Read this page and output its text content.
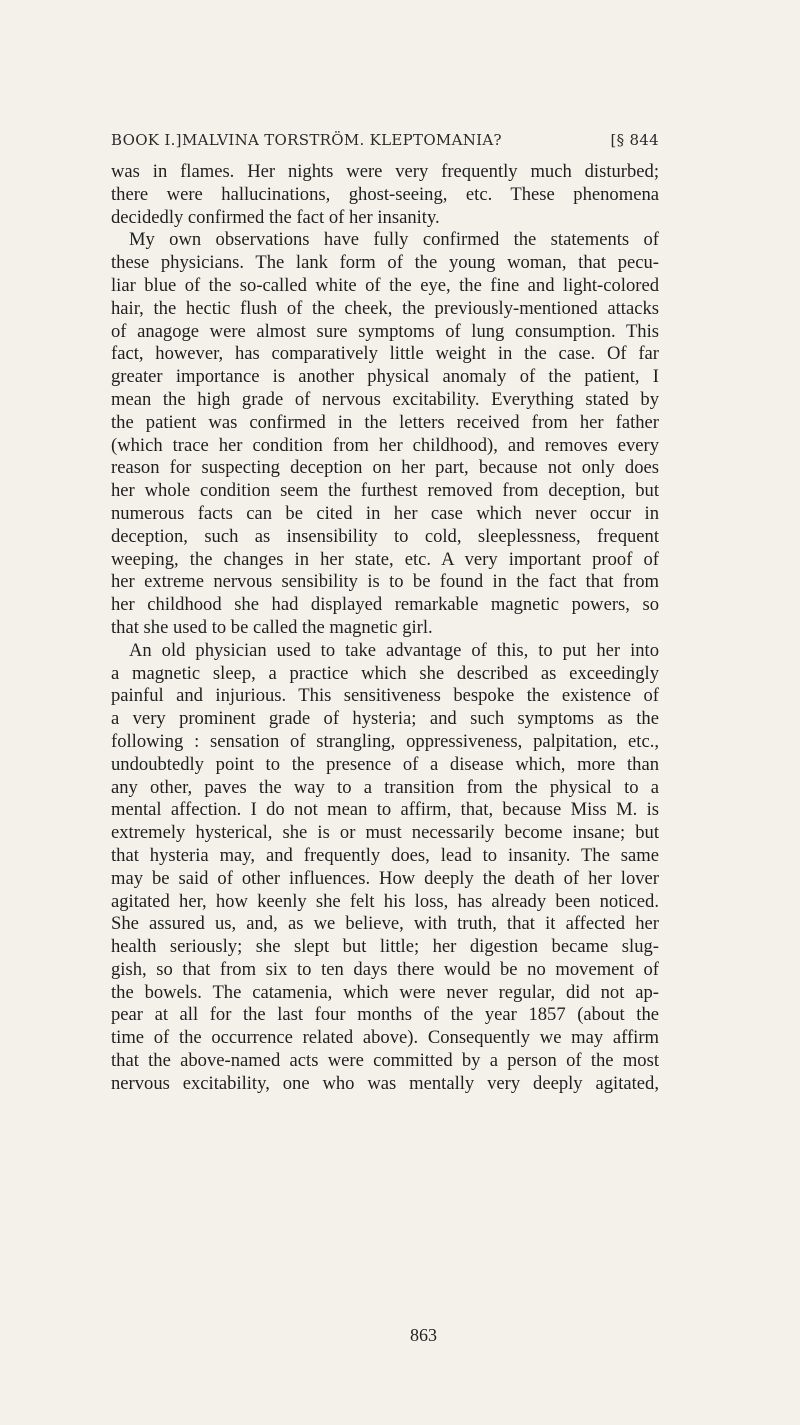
BOOK I.] MALVINA TORSTRÖM. KLEPTOMANIA?	[§ 844
was in flames. Her nights were very frequently much disturbed;
there were hallucinations, ghost-seeing, etc. These phenomena
decidedly confirmed the fact of her insanity.
My own observations have fully confirmed the statements of
these physicians. The lank form of the young woman, that pecu-
liar blue of the so-called white of the eye, the fine and light-colored
hair, the hectic flush of the cheek, the previously-mentioned attacks
of anagoge were almost sure symptoms of lung consumption. This
fact, however, has comparatively little weight in the case. Of far
greater importance is another physical anomaly of the patient, I
mean the high grade of nervous excitability. Everything stated by
the patient was confirmed in the letters received from her father
(which trace her condition from her childhood), and removes every
reason for suspecting deception on her part, because not only does
her whole condition seem the furthest removed from deception, but
numerous facts can be cited in her case which never occur in
deception, such as insensibility to cold, sleeplessness, frequent
weeping, the changes in her state, etc. A very important proof of
her extreme nervous sensibility is to be found in the fact that from
her childhood she had displayed remarkable magnetic powers, so
that she used to be called the magnetic girl.
An old physician used to take advantage of this, to put her into
a magnetic sleep, a practice which she described as exceedingly
painful and injurious. This sensitiveness bespoke the existence of
a very prominent grade of hysteria; and such symptoms as the
following : sensation of strangling, oppressiveness, palpitation, etc.,
undoubtedly point to the presence of a disease which, more than
any other, paves the way to a transition from the physical to a
mental affection. I do not mean to affirm, that, because Miss M. is
extremely hysterical, she is or must necessarily become insane; but
that hysteria may, and frequently does, lead to insanity. The same
may be said of other influences. How deeply the death of her lover
agitated her, how keenly she felt his loss, has already been noticed.
She assured us, and, as we believe, with truth, that it affected her
health seriously; she slept but little; her digestion became slug-
gish, so that from six to ten days there would be no movement of
the bowels. The catamenia, which were never regular, did not ap-
pear at all for the last four months of the year 1857 (about the
time of the occurrence related above). Consequently we may affirm
that the above-named acts were committed by a person of the most
nervous excitability, one who was mentally very deeply agitated,
863
